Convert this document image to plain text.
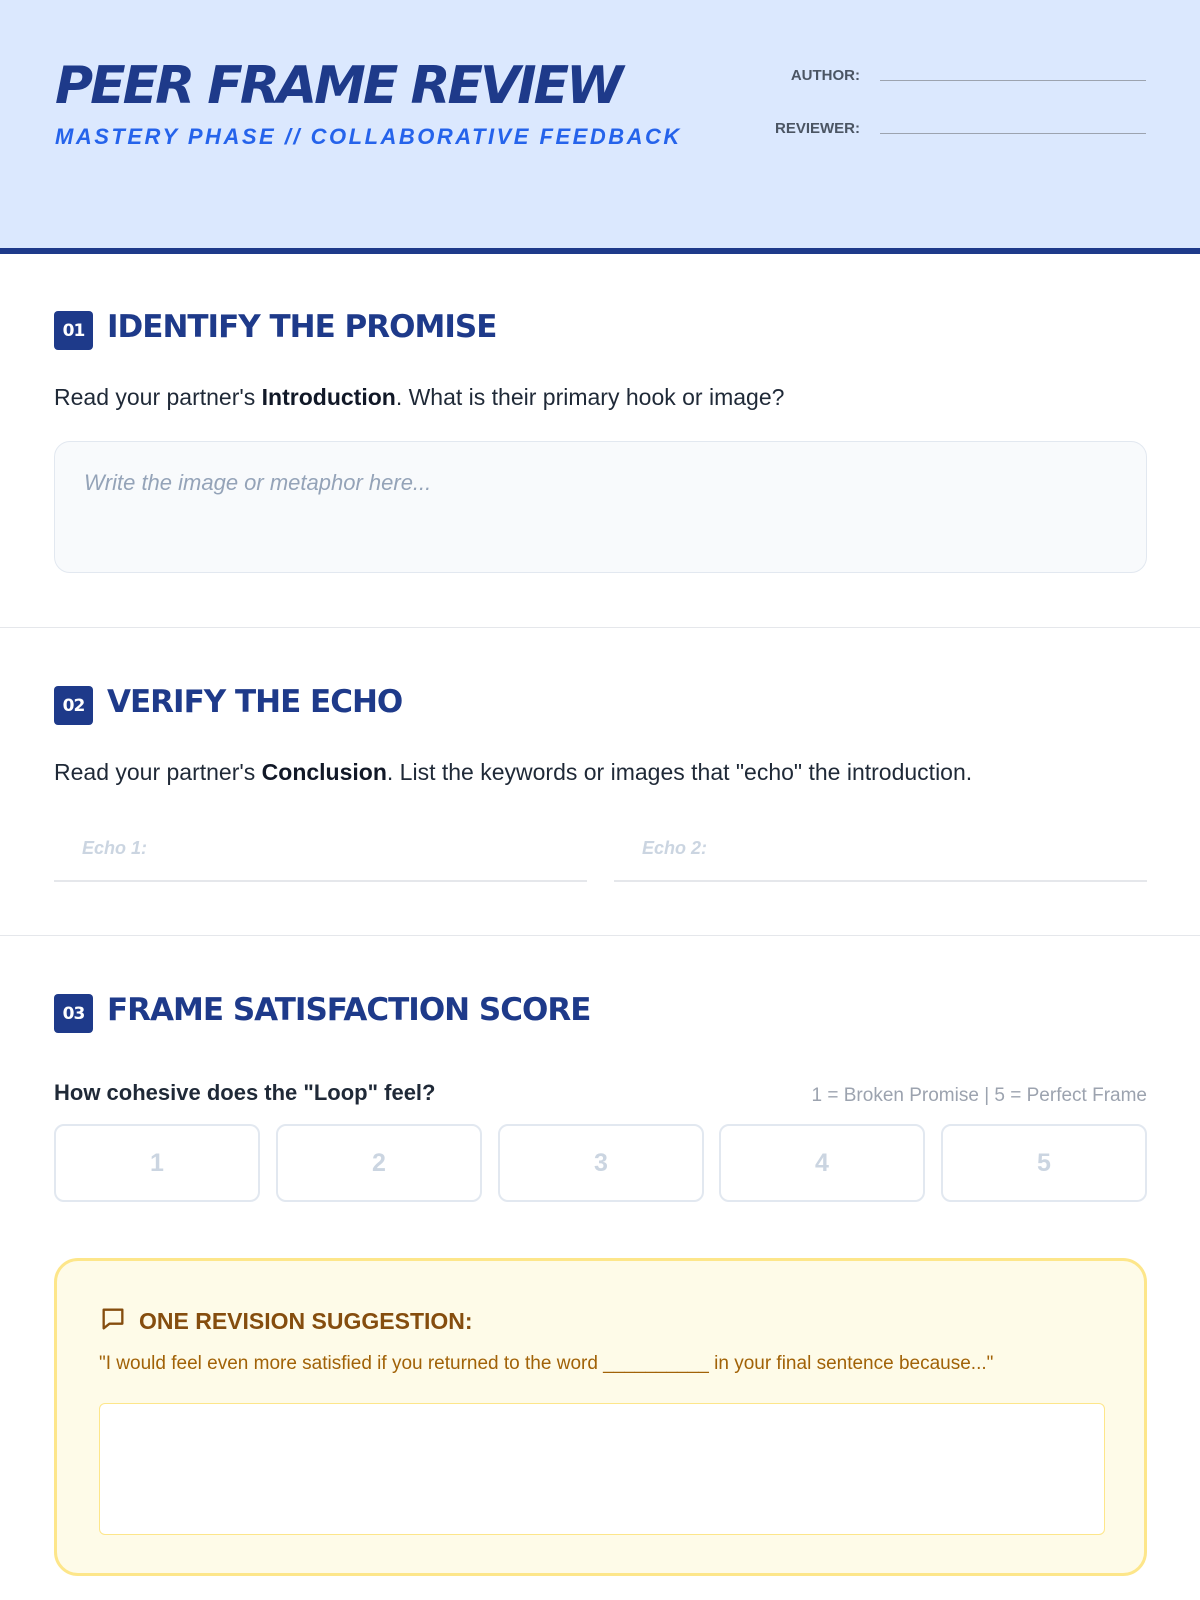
PEER FRAME REVIEW
MASTERY PHASE // COLLABORATIVE FEEDBACK
AUTHOR:
REVIEWER:
01 IDENTIFY THE PROMISE
Read your partner's Introduction. What is their primary hook or image?
Write the image or metaphor here...
02 VERIFY THE ECHO
Read your partner's Conclusion. List the keywords or images that "echo" the introduction.
Echo 1:	Echo 2:
03 FRAME SATISFACTION SCORE
How cohesive does the "Loop" feel?	1 = Broken Promise | 5 = Perfect Frame
1	2	3	4	5
ONE REVISION SUGGESTION:
"I would feel even more satisfied if you returned to the word __________ in your final sentence because..."
